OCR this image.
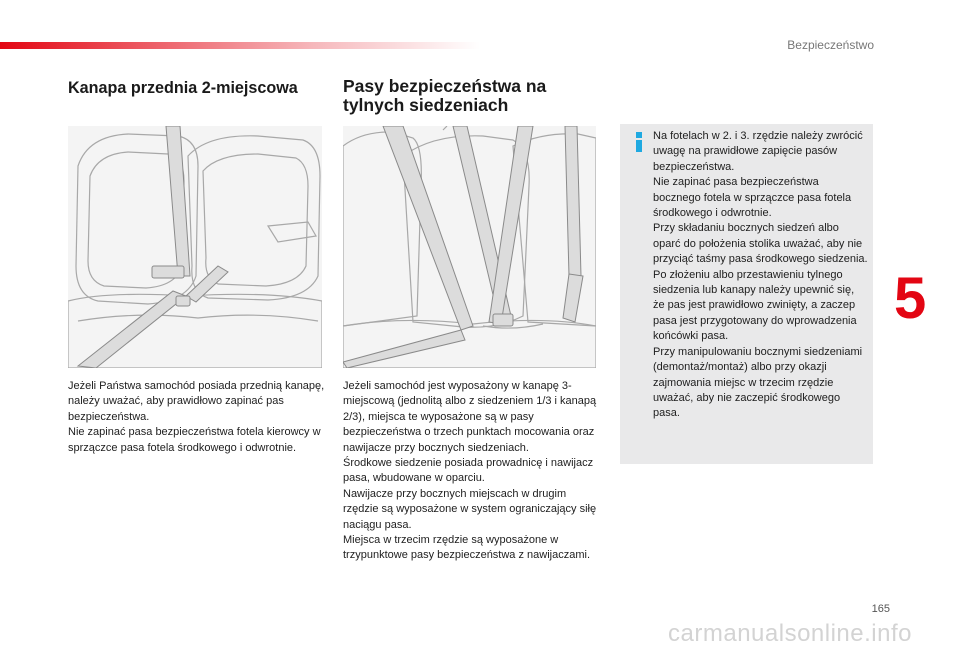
Bezpieczeństwo
Kanapa przednia 2-miejscowa	Pasy bezpieczeństwa na
tylnych siedzeniach

Jeżeli Państwa samochód posiada przednią kanapę, należy uważać, aby prawidłowo zapinać pas bezpieczeństwa.

Nie zapinać pasa bezpieczeństwa fotela kierowcy w sprzączce pasa fotela środkowego i odwrotnie.

Jeżeli samochód jest wyposażony w kanapę 3-miejscową (jednolitą albo z siedzeniem 1/3 i kanapą 2/3), miejsca te wyposażone są w pasy bezpieczeństwa o trzech punktach mocowania oraz nawijacze przy bocznych siedzeniach.

Środkowe siedzenie posiada prowadnicę i nawijacz pasa, wbudowane w oparciu.

Nawijacze przy bocznych miejscach w drugim rzędzie są wyposażone w system ograniczający siłę naciągu pasa.

Miejsca w trzecim rzędzie są wyposażone w trzypunktowe pasy bezpieczeństwa z nawijaczami.

Na fotelach w 2. i 3. rzędzie należy zwrócić uwagę na prawidłowe zapięcie pasów bezpieczeństwa.

Nie zapinać pasa bezpieczeństwa bocznego fotela w sprzączce pasa fotela środkowego i odwrotnie.

Przy składaniu bocznych siedzeń albo oparć do położenia stolika uważać, aby nie przyciąć taśmy pasa środkowego siedzenia.

Po złożeniu albo przestawieniu tylnego siedzenia lub kanapy należy upewnić się, że pas jest prawidłowo zwinięty, a zaczep pasa jest przygotowany do wprowadzenia końcówki pasa.

Przy manipulowaniu bocznymi siedzeniami (demontaż/montaż) albo przy okazji zajmowania miejsc w trzecim rzędzie uważać, aby nie zaczepić środkowego pasa.

5
165
carmanualsonline.info
